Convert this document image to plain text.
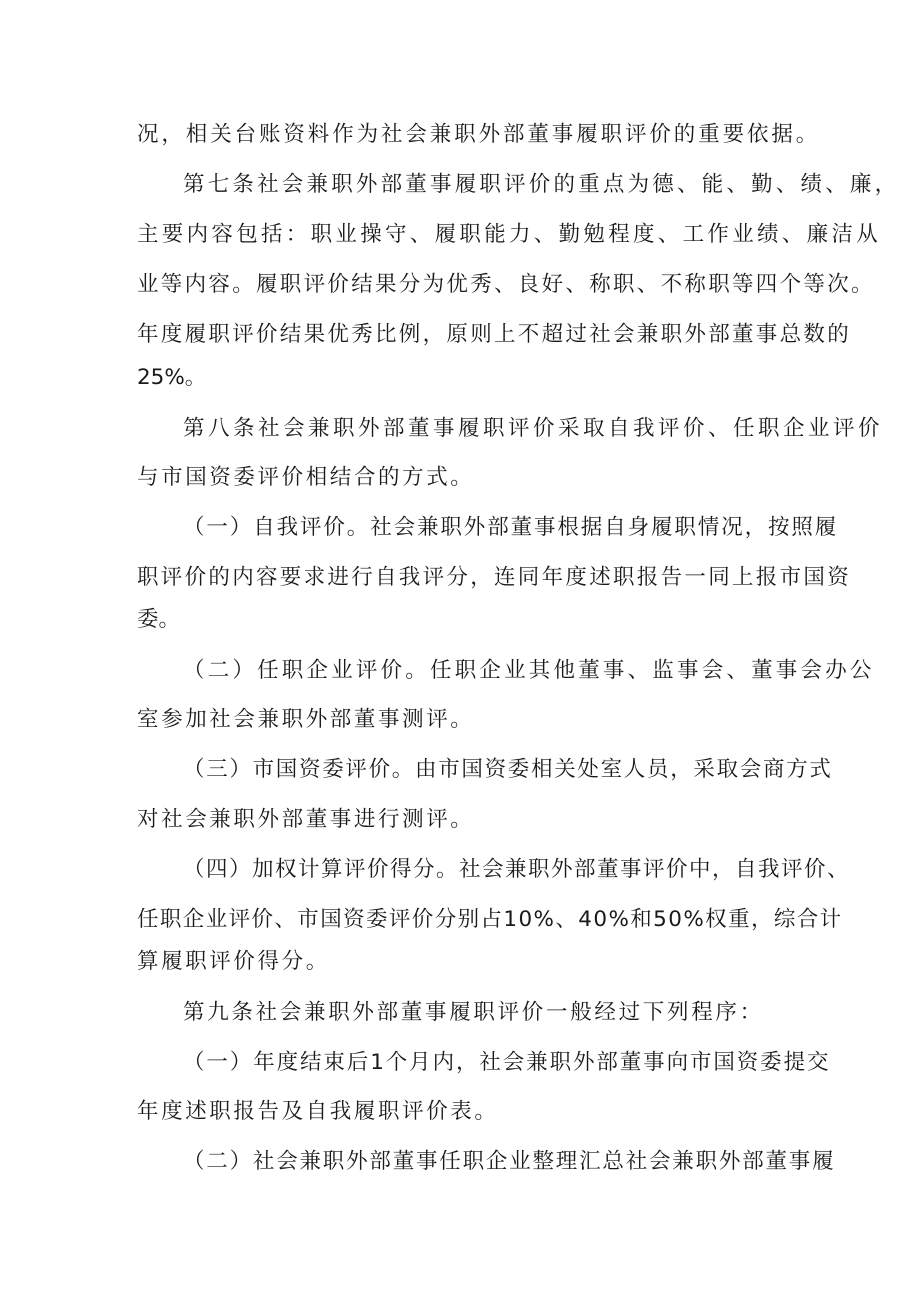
况，相关台账资料作为社会兼职外部董事履职评价的重要依据。
第七条社会兼职外部董事履职评价的重点为德、能、勤、绩、廉，
主要内容包括：职业操守、履职能力、勤勉程度、工作业绩、廉洁从
业等内容。履职评价结果分为优秀、良好、称职、不称职等四个等次。
年度履职评价结果优秀比例，原则上不超过社会兼职外部董事总数的
25%。
第八条社会兼职外部董事履职评价采取自我评价、任职企业评价
与市国资委评价相结合的方式。
（一）自我评价。社会兼职外部董事根据自身履职情况，按照履
职评价的内容要求进行自我评分，连同年度述职报告一同上报市国资
委。
（二）任职企业评价。任职企业其他董事、监事会、董事会办公
室参加社会兼职外部董事测评。
（三）市国资委评价。由市国资委相关处室人员，采取会商方式
对社会兼职外部董事进行测评。
（四）加权计算评价得分。社会兼职外部董事评价中，自我评价、
任职企业评价、市国资委评价分别占10%、40%和50%权重，综合计
算履职评价得分。
第九条社会兼职外部董事履职评价一般经过下列程序：
（一）年度结束后1个月内，社会兼职外部董事向市国资委提交
年度述职报告及自我履职评价表。
（二）社会兼职外部董事任职企业整理汇总社会兼职外部董事履
